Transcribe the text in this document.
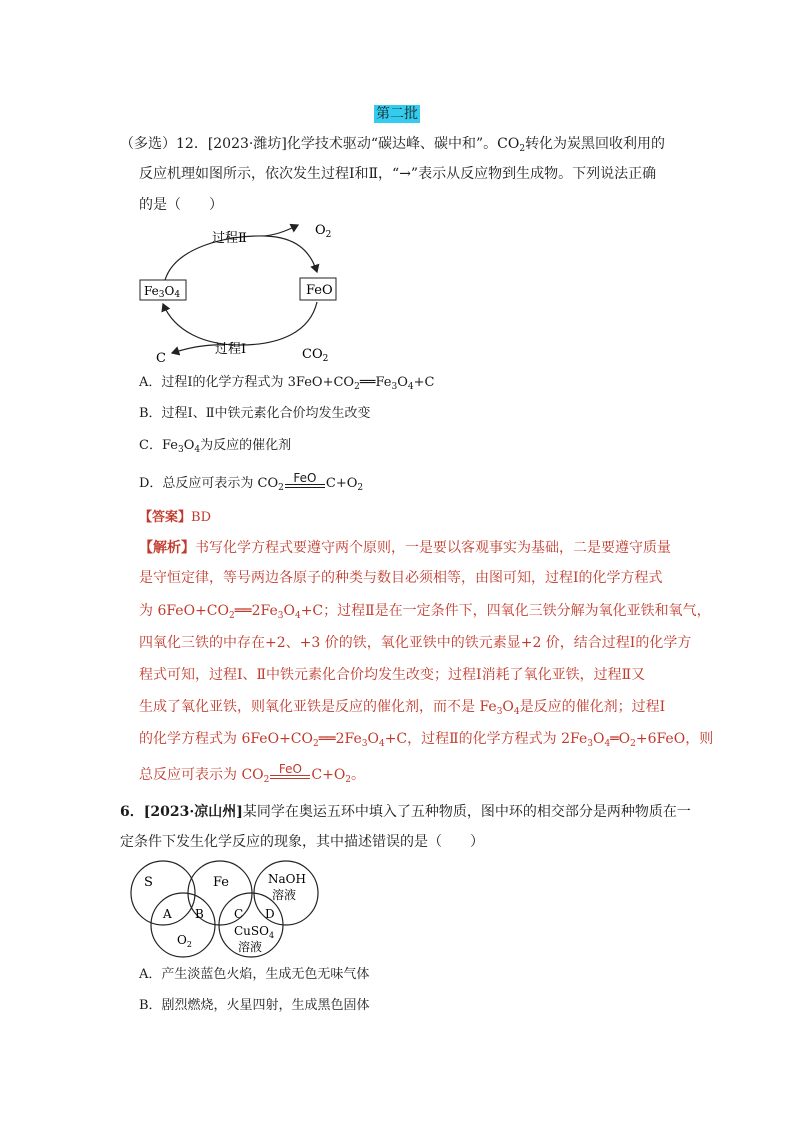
第二批
（多选）12．[2023·潍坊]化学技术驱动“碳达峰、碳中和”。$CO_2$转化为炭黑回收利用的
反应机理如图所示，依次发生过程Ⅰ和Ⅱ，“→”表示从反应物到生成物。下列说法正确
的是（　　）
过程Ⅱ
$O_2$
Fe3O4	FeO
过程Ⅰ
C	$CO_2$
A．过程Ⅰ的化学方程式为 $3FeO+CO_2══Fe_3O_4+C$
B．过程Ⅰ、Ⅱ中铁元素化合价均发生改变
C．$Fe_3O_4$为反应的催化剂
D．总反应可表示为 $CO_2$
FeO $C+O_2$
【答案】BD
【解析】书写化学方程式要遵守两个原则，一是要以客观事实为基础，二是要遵守质量
是守恒定律，等号两边各原子的种类与数目必须相等，由图可知，过程Ⅰ的化学方程式
为 $6FeO+CO_2══2Fe_3O_4+C$；过程Ⅱ是在一定条件下，四氧化三铁分解为氧化亚铁和氧气，
四氧化三铁的中存在+2、+3 价的铁，氧化亚铁中的铁元素显+2 价，结合过程Ⅰ的化学方
程式可知，过程Ⅰ、Ⅱ中铁元素化合价均发生改变；过程Ⅰ消耗了氧化亚铁，过程Ⅱ又
生成了氧化亚铁，则氧化亚铁是反应的催化剂，而不是 $Fe_3O_4$是反应的催化剂；过程Ⅰ
的化学方程式为 $6FeO+CO_2══2Fe_3O_4+C$，过程Ⅱ的化学方程式为 $2Fe_3O_4═O_2+6FeO$，则
总反应可表示为 $CO_2$
FeO $C+O_2$。
6．[2023·凉山州]某同学在奥运五环中填入了五种物质，图中环的相交部分是两种物质在一
定条件下发生化学反应的现象，其中描述错误的是（　　）
S	Fe	NaOH
溶液
A B	C D
$O_2$
CuSO$_4$
溶液
A．产生淡蓝色火焰，生成无色无味气体
B．剧烈燃烧，火星四射，生成黑色固体
